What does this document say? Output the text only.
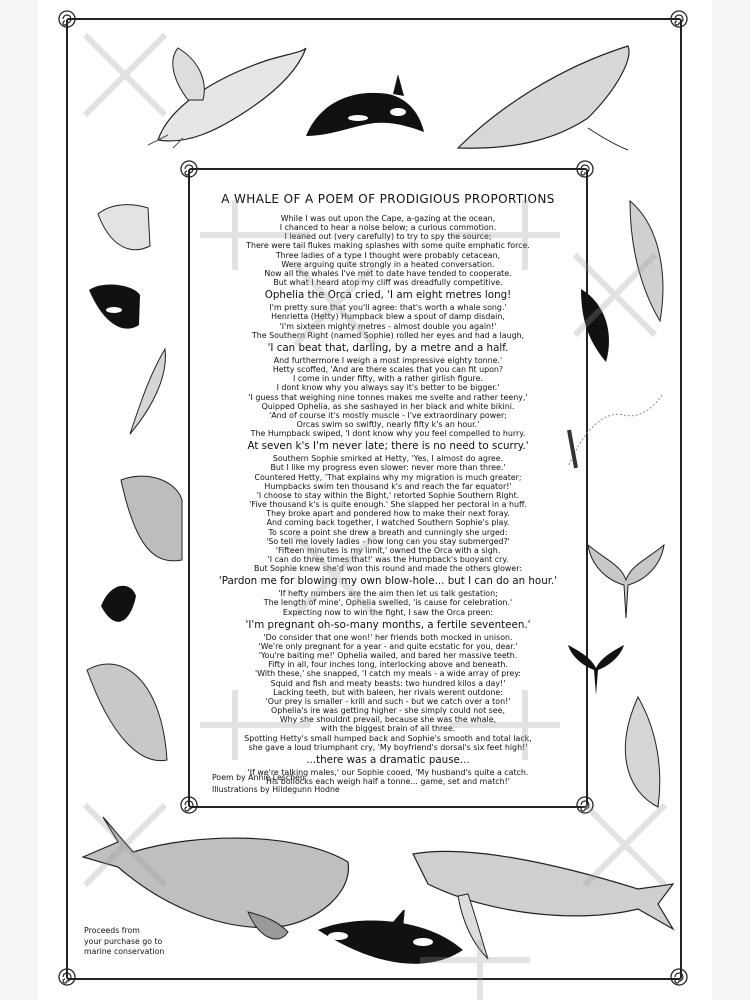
A WHALE OF A POEM OF PRODIGIOUS PROPORTIONS
While I was out upon the Cape, a-gazing at the ocean,
I chanced to hear a noise below; a curious commotion.
I leaned out (very carefully) to try to spy the source;
There were tail flukes making splashes with some quite emphatic force.
Three ladies of a type I thought were probably cetacean,
Were arguing quite strongly in a heated conversation.
Now all the whales I've met to date have tended to cooperate.
But what I heard atop my cliff was dreadfully competitive.
Ophelia the Orca cried, 'I am eight metres long!
I'm pretty sure that you'll agree: that's worth a whale song.'
Henrietta (Hetty) Humpback blew a spout of damp disdain,
'I'm sixteen mighty metres - almost double you again!'
The Southern Right (named Sophie) rolled her eyes and had a laugh,
'I can beat that, darling, by a metre and a half.
And furthermore I weigh a most impressive eighty tonne.'
Hetty scoffed, 'And are there scales that you can fit upon?
I come in under fifty, with a rather girlish figure.
I dont know why you always say it's better to be bigger.'
'I guess that weighing nine tonnes makes me svelte and rather teeny,'
Quipped Ophelia, as she sashayed in her black and white bikini.
'And of course it's mostly muscle - I've extraordinary power;
Orcas swim so swiftly, nearly fifty k's an hour.'
The Humpback swiped, 'I dont know why you feel compelled to hurry.
At seven k's I'm never late; there is no need to scurry.'
Southern Sophie smirked at Hetty, 'Yes, I almost do agree.
But I like my progress even slower: never more than three.'
Countered Hetty, 'That explains why my migration is much greater;
Humpbacks swim ten thousand k's and reach the far equator!'
'I choose to stay within the Bight,' retorted Sophie Southern Right.
'Five thousand k's is quite enough.' She slapped her pectoral in a huff.
They broke apart and pondered how to make their next foray.
And coming back together, I watched Southern Sophie's play.
To score a point she drew a breath and cunningly she urged:
'So tell me lovely ladies - how long can you stay submerged?'
'Fifteen minutes is my limit,' owned the Orca with a sigh.
'I can do three times that!' was the Humpback's buoyant cry.
But Sophie knew she'd won this round and made the others glower:
'Pardon me for blowing my own blow-hole... but I can do an hour.'
'If hefty numbers are the aim then let us talk gestation;
The length of mine', Ophelia swelled, 'is cause for celebration.'
Expecting now to win the fight, I saw the Orca preen:
'I'm pregnant oh-so-many months, a fertile seventeen.'
'Do consider that one won!' her friends both mocked in unison.
'We're only pregnant for a year - and quite ecstatic for you, dear.'
'You're baiting me!' Ophelia wailed, and bared her massive teeth.
Fifty in all, four inches long, interlocking above and beneath.
'With these,' she snapped, 'I catch my meals - a wide array of prey:
Squid and fish and meaty beasts: two hundred kilos a day!'
Lacking teeth, but with baleen, her rivals werent outdone:
'Our prey is smaller - krill and such - but we catch over a ton!'
Ophelia's ire was getting higher - she simply could not see,
Why she shouldnt prevail, because she was the whale,
with the biggest brain of all three.
Spotting Hetty's small humped back and Sophie's smooth and total lack,
she gave a loud triumphant cry, 'My boyfriend's dorsal's six feet high!'
...there was a dramatic pause...
'If we're talking males,' our Sophie cooed, 'My husband's quite a catch.
His bollocks each weigh half a tonne... game, set and match!'
Poem by Annie Leschen
Illustrations by Hildegunn Hodne
Proceeds from
your purchase go to
marine conservation
